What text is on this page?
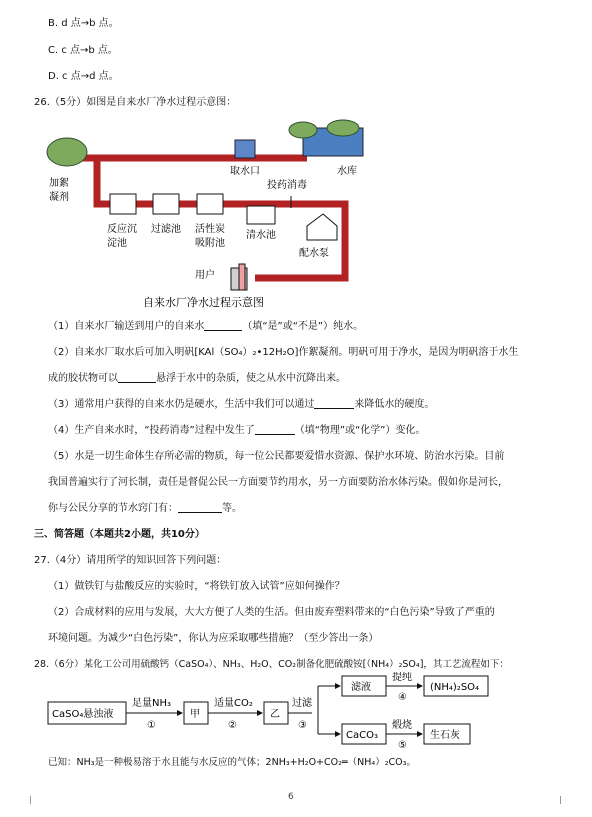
B. d 点→b 点。
C. c 点→b 点。
D. c 点→d 点。
26.（5分）如图是自来水厂净水过程示意图：
取水口	水库
加絮
凝剂
投药消毒
反应沉
淀池
过滤池 活性炭
吸附池
清水池
配水泵
用户
自来水厂净水过程示意图
（1）自来水厂输送到用户的自来水	（填“是”或“不是”）纯水。
（2）自来水厂取水后可加入明矾[KAl（SO₄）₂•12H₂O]作絮凝剂。明矾可用于净水，是因为明矾溶于水生
成的胶状物可以	悬浮于水中的杂质，使之从水中沉降出来。
（3）通常用户获得的自来水仍是硬水，生活中我们可以通过	来降低水的硬度。
（4）生产自来水时，“投药消毒”过程中发生了	（填“物理”或“化学”）变化。
（5）水是一切生命体生存所必需的物质，每一位公民都要爱惜水资源、保护水环境、防治水污染。目前
我国普遍实行了河长制，责任是督促公民一方面要节约用水，另一方面要防治水体污染。假如你是河长，
你与公民分享的节水窍门有：	等。
三、简答题（本题共2小题，共10分）
27.（4分）请用所学的知识回答下列问题：
（1）做铁钉与盐酸反应的实验时，“将铁钉放入试管”应如何操作？
（2）合成材料的应用与发展，大大方便了人类的生活。但由废弃塑料带来的“白色污染”导致了严重的
环境问题。为减少“白色污染”，你认为应采取哪些措施？（至少答出一条）
28.（6分）某化工公司用硫酸钙（CaSO₄）、NH₃、H₂O、CO₂制备化肥硫酸铵[（NH₄）₂SO₄]，其工艺流程如下：
CaSO₄悬浊液
足量NH₃
①
甲
适量CO₂
②
乙
过滤
③
滤液
提纯
④
(NH₄)₂SO₄
CaCO₃
煅烧
⑤
生石灰
已知：NH₃是一种极易溶于水且能与水反应的气体；2NH₃+H₂O+CO₂═（NH₄）₂CO₃。
6
